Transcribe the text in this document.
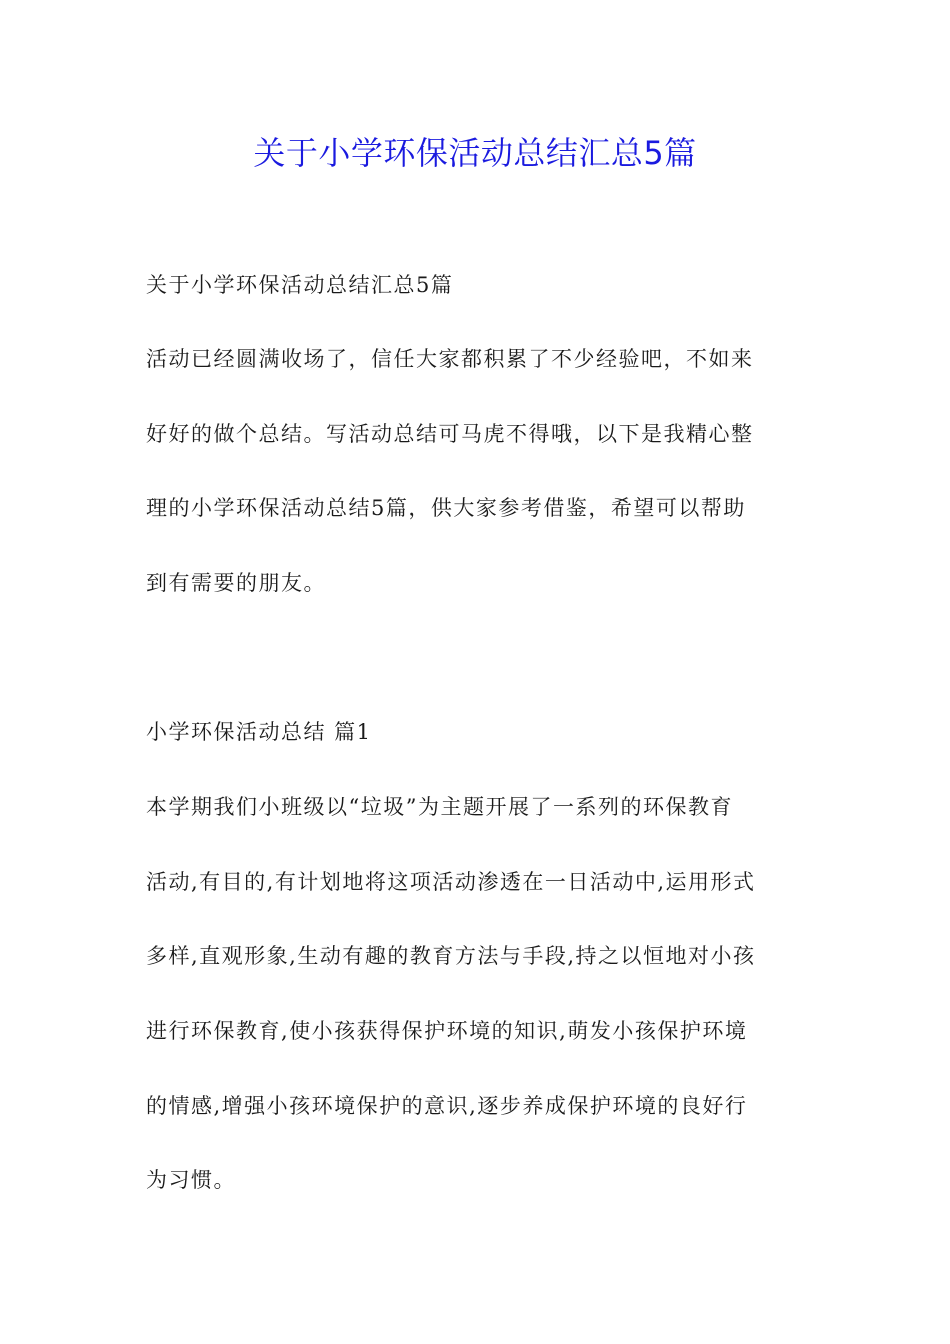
关于小学环保活动总结汇总5篇

关于小学环保活动总结汇总5篇

活动已经圆满收场了，信任大家都积累了不少经验吧，不如来

好好的做个总结。写活动总结可马虎不得哦，以下是我精心整

理的小学环保活动总结5篇，供大家参考借鉴，希望可以帮助

到有需要的朋友。

小学环保活动总结 篇1

本学期我们小班级以“垃圾”为主题开展了一系列的环保教育

活动,有目的,有计划地将这项活动渗透在一日活动中,运用形式

多样,直观形象,生动有趣的教育方法与手段,持之以恒地对小孩

进行环保教育,使小孩获得保护环境的知识,萌发小孩保护环境

的情感,增强小孩环境保护的意识,逐步养成保护环境的良好行

为习惯。
